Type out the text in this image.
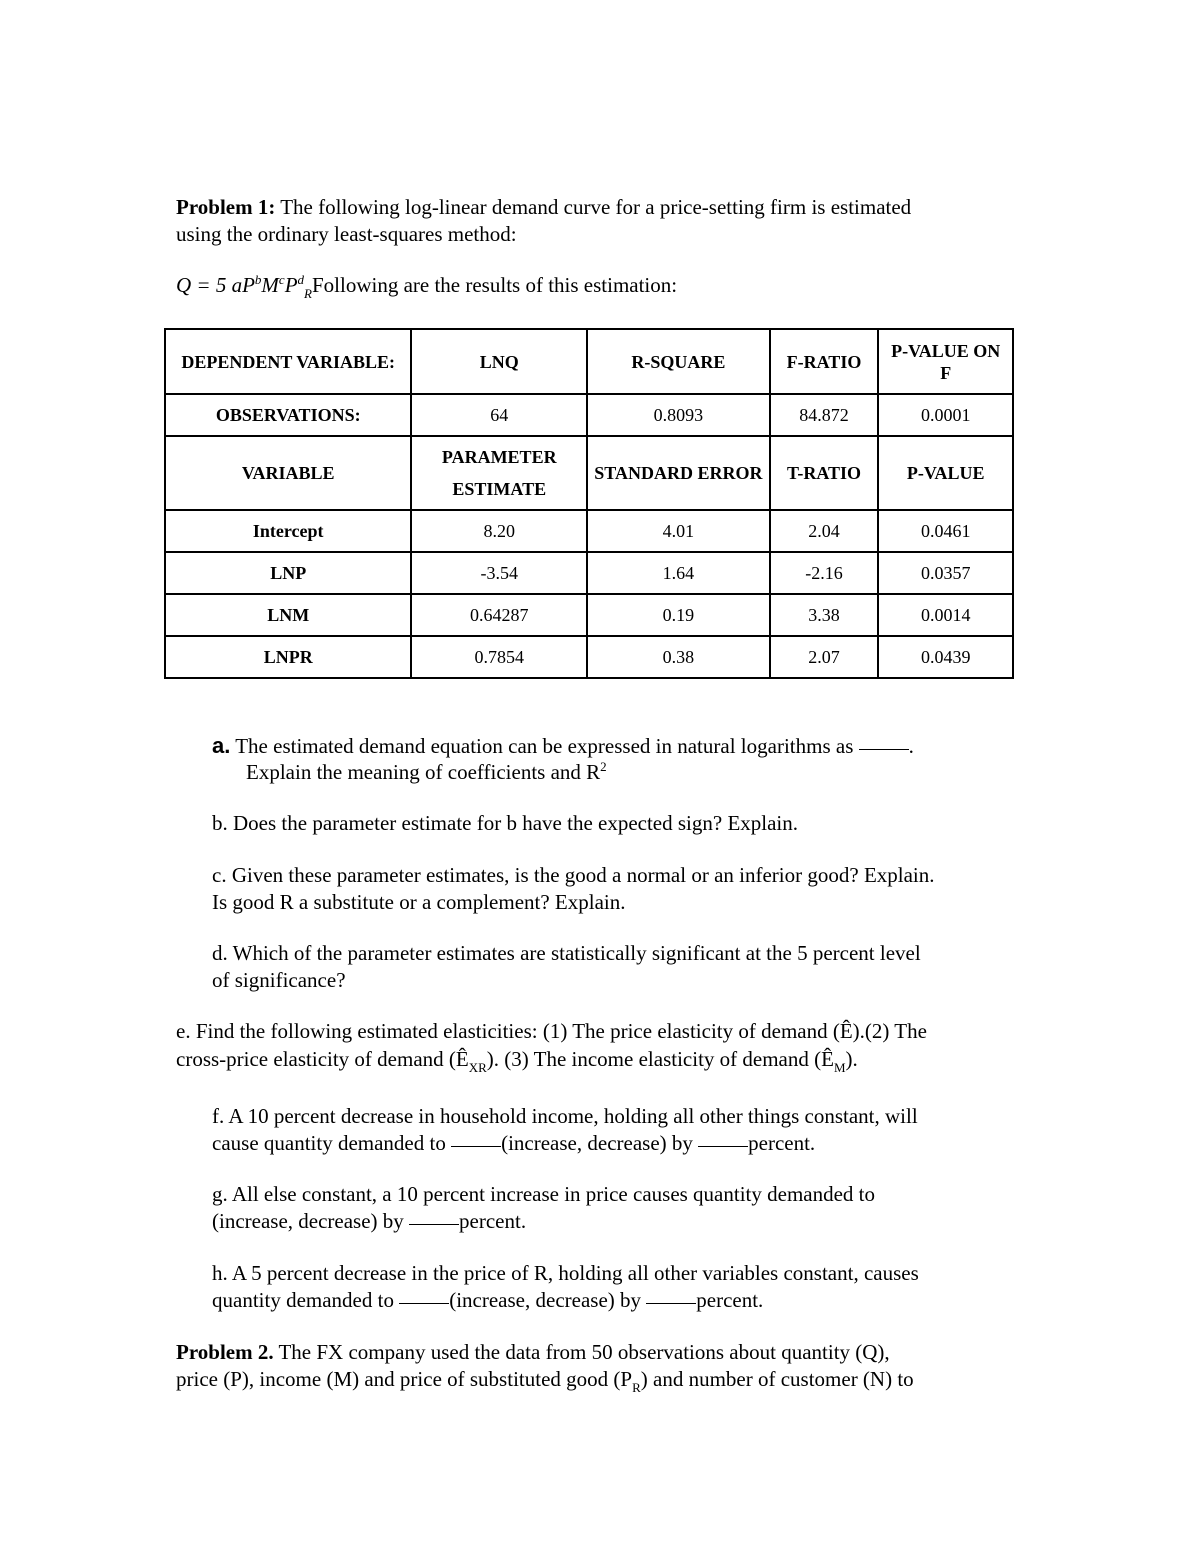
Problem 1: The following log-linear demand curve for a price-setting firm is estimated

using the ordinary least-squares method:

Q = 5 $aP^bM^cP^d_RFollowing$ are the results of this estimation:

DEPENDENT VARIABLE:	LNQ	R-SQUARE	F-RATIO	P-VALUE ON F
OBSERVATIONS:	64	0.8093	84.872	0.0001
VARIABLE	PARAMETER ESTIMATE	STANDARD ERROR	T-RATIO	P-VALUE
Intercept	8.20	4.01	2.04	0.0461
LNP	-3.54	1.64	-2.16	0.0357
LNM	0.64287	0.19	3.38	0.0014
LNPR	0.7854	0.38	2.07	0.0439

a. The estimated demand equation can be expressed in natural logarithms as .

Explain the meaning of coefficients and $R^2$

b. Does the parameter estimate for b have the expected sign? Explain.

c. Given these parameter estimates, is the good a normal or an inferior good? Explain.

Is good R a substitute or a complement? Explain.

d. Which of the parameter estimates are statistically significant at the 5 percent level

of significance?

e. Find the following estimated elasticities: (1) The price elasticity of demand (Ê).(2) The

cross-price elasticity of demand $(Ê_{XR})$. (3) The income elasticity of demand $(Ê_M)$.

f. A 10 percent decrease in household income, holding all other things constant, will

cause quantity demanded to (increase, decrease) by percent.

g. All else constant, a 10 percent increase in price causes quantity demanded to

(increase, decrease) by percent.

h. A 5 percent decrease in the price of R, holding all other variables constant, causes

quantity demanded to (increase, decrease) by percent.

Problem 2. The FX company used the data from 50 observations about quantity (Q),

price (P), income (M) and price of substituted good $(P_R)$ and number of customer (N) to
